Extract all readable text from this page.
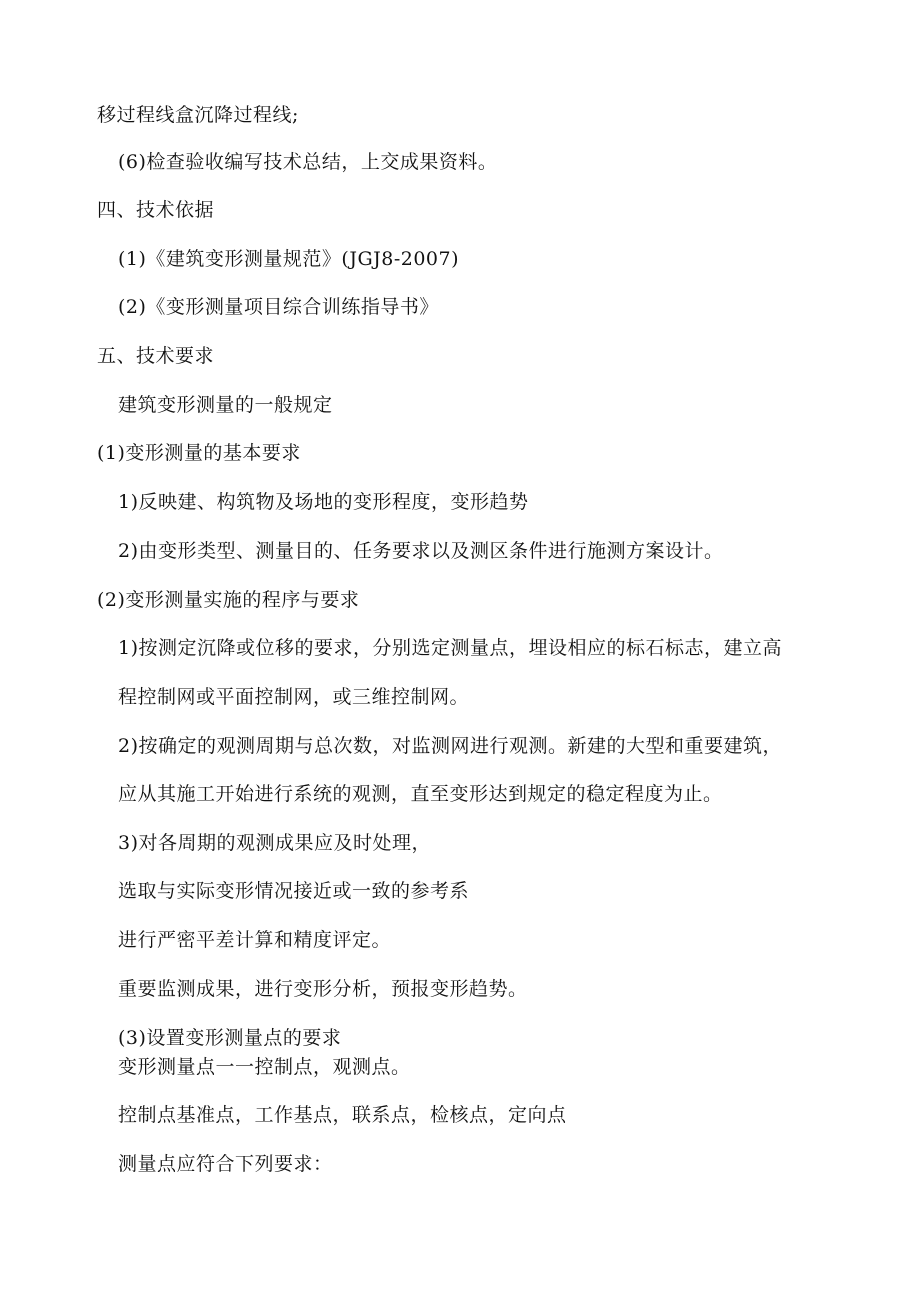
移过程线盒沉降过程线;
(6)检查验收编写技术总结，上交成果资料。
四、技术依据
(1)《建筑变形测量规范》(JGJ8-2007)
(2)《变形测量项目综合训练指导书》
五、技术要求
建筑变形测量的一般规定
(1)变形测量的基本要求
1)反映建、构筑物及场地的变形程度，变形趋势
2)由变形类型、测量目的、任务要求以及测区条件进行施测方案设计。
(2)变形测量实施的程序与要求
1)按测定沉降或位移的要求，分别选定测量点，埋设相应的标石标志，建立高
程控制网或平面控制网，或三维控制网。
2)按确定的观测周期与总次数，对监测网进行观测。新建的大型和重要建筑，
应从其施工开始进行系统的观测，直至变形达到规定的稳定程度为止。
3)对各周期的观测成果应及时处理，
选取与实际变形情况接近或一致的参考系
进行严密平差计算和精度评定。
重要监测成果，进行变形分析，预报变形趋势。
(3)设置变形测量点的要求
变形测量点一一控制点，观测点。
控制点基准点，工作基点，联系点，检核点，定向点
测量点应符合下列要求：
